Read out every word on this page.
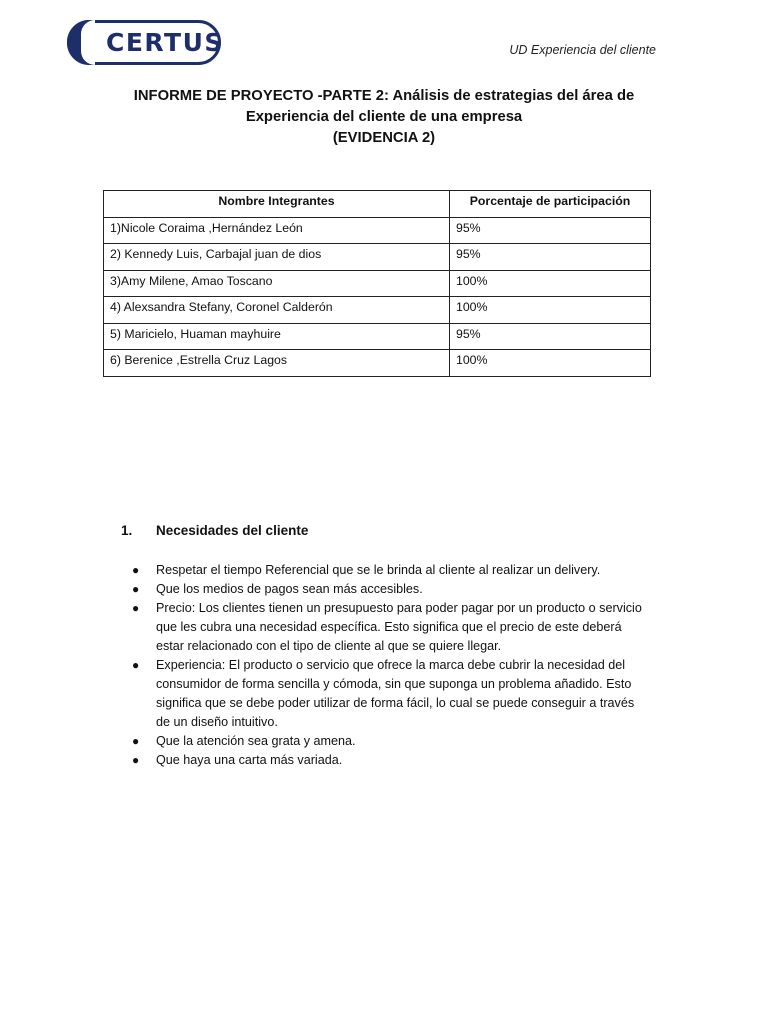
CERTUS	UD Experiencia del cliente
INFORME DE PROYECTO -PARTE 2: Análisis de estrategias del área de
Experiencia del cliente de una empresa
(EVIDENCIA 2)
Nombre Integrantes	Porcentaje de participación
1)Nicole Coraima ,Hernández León	95%
2) Kennedy Luis, Carbajal juan de dios	95%
3)Amy Milene, Amao Toscano	100%
4) Alexsandra Stefany, Coronel Calderón	100%
5) Maricielo, Huaman mayhuire	95%
6) Berenice ,Estrella Cruz Lagos	100%
1. Necesidades del cliente
● Respetar el tiempo Referencial que se le brinda al cliente al realizar un delivery.
● Que los medios de pagos sean más accesibles.
● Precio: Los clientes tienen un presupuesto para poder pagar por un producto o servicio
que les cubra una necesidad específica. Esto significa que el precio de este deberá
estar relacionado con el tipo de cliente al que se quiere llegar.
● Experiencia: El producto o servicio que ofrece la marca debe cubrir la necesidad del
consumidor de forma sencilla y cómoda, sin que suponga un problema añadido. Esto
significa que se debe poder utilizar de forma fácil, lo cual se puede conseguir a través
de un diseño intuitivo.
● Que la atención sea grata y amena.
● Que haya una carta más variada.
